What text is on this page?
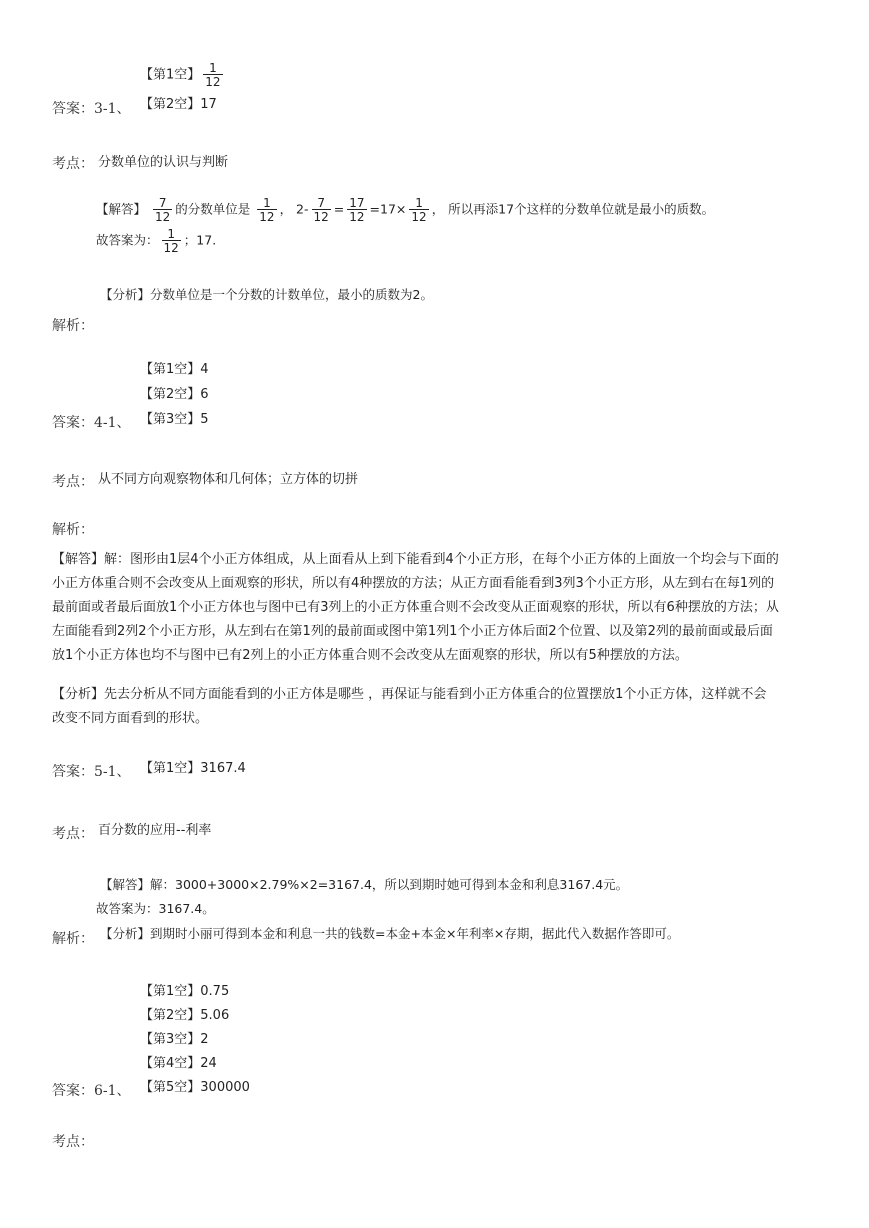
【第1空】 $\frac{1}{12}$
答案：3-1、 【第2空】17
考点： 分数单位的认识与判断
【解答】 $\frac{7}{12}$ 的分数单位是 $\frac{1}{12}$ ， $2- \frac{7}{12} = \frac{17}{12} =17\times \frac{1}{12}$ ， 所以再添17个这样的分数单位就是最小的质数。
故答案为： $\frac{1}{12}$ ；17.
【分析】分数单位是一个分数的计数单位，最小的质数为2。
解析：
【第1空】4
【第2空】6
答案：4-1、 【第3空】5
考点： 从不同方向观察物体和几何体；立方体的切拼
解析：
【解答】解：图形由1层4个小正方体组成，从上面看从上到下能看到4个小正方形，在每个小正方体的上面放一个均会与下面的
小正方体重合则不会改变从上面观察的形状，所以有4种摆放的方法；从正方面看能看到3列3个小正方形，从左到右在每1列的
最前面或者最后面放1个小正方体也与图中已有3列上的小正方体重合则不会改变从正面观察的形状，所以有6种摆放的方法；从
左面能看到2列2个小正方形，从左到右在第1列的最前面或图中第1列1个小正方体后面2个位置、以及第2列的最前面或最后面
放1个小正方体也均不与图中已有2列上的小正方体重合则不会改变从左面观察的形状，所以有5种摆放的方法。
【分析】先去分析从不同方面能看到的小正方体是哪些 ，再保证与能看到小正方体重合的位置摆放1个小正方体，这样就不会
改变不同方面看到的形状。
答案：5-1、 【第1空】3167.4
考点： 百分数的应用--利率
【解答】解：3000+3000×2.79%×2=3167.4，所以到期时她可得到本金和利息3167.4元。
故答案为：3167.4。
解析： 【分析】到期时小丽可得到本金和利息一共的钱数=本金+本金×年利率×存期，据此代入数据作答即可。
【第1空】0.75
【第2空】5.06
【第3空】2
【第4空】24
答案：6-1、 【第5空】300000
考点：
